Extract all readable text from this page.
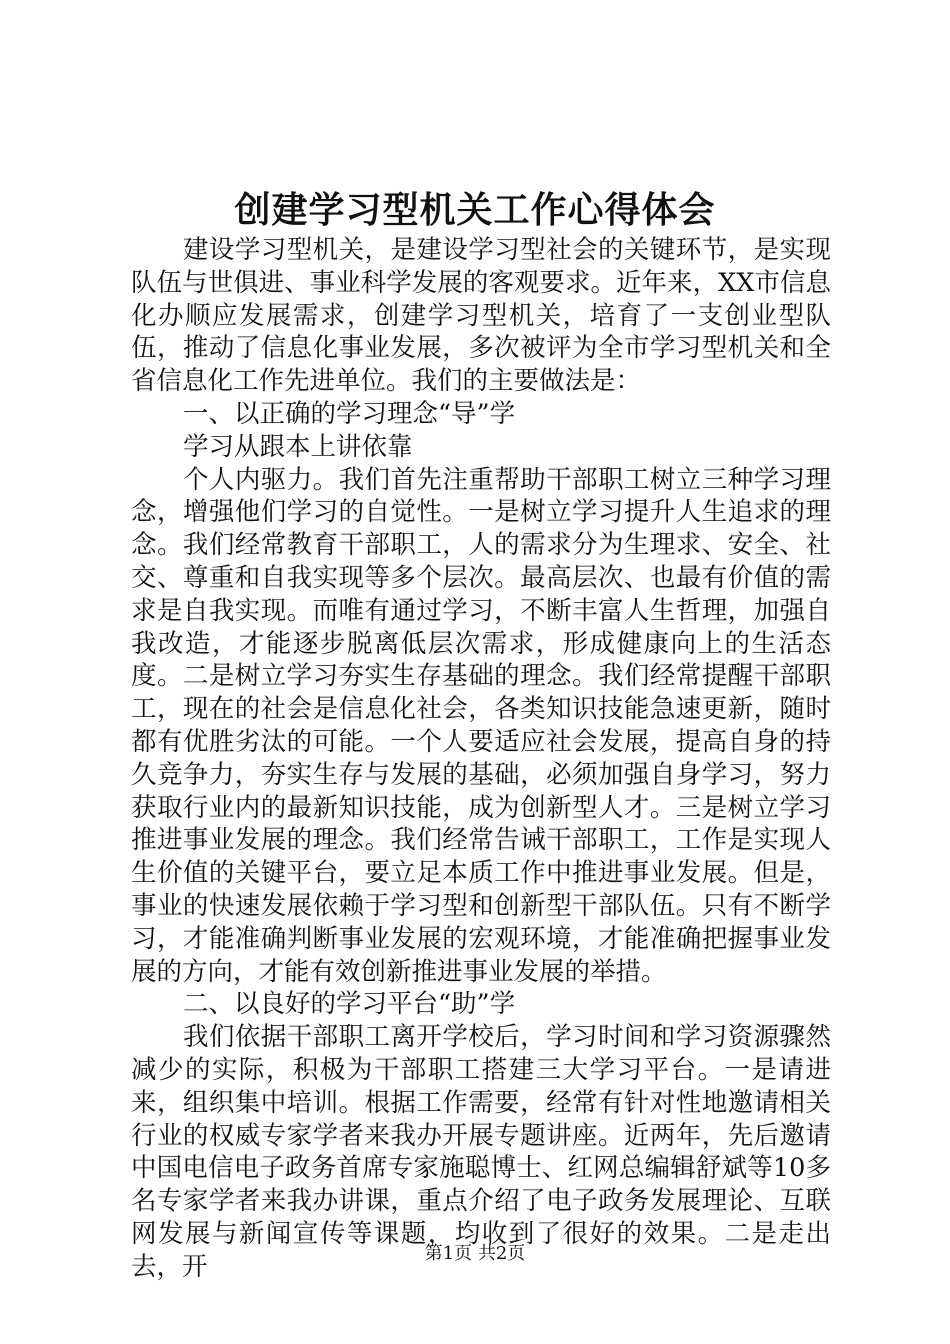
创建学习型机关工作心得体会

建设学习型机关，是建设学习型社会的关键环节，是实现队伍与世俱进、事业科学发展的客观要求。近年来，XX市信息化办顺应发展需求，创建学习型机关，培育了一支创业型队伍，推动了信息化事业发展，多次被评为全市学习型机关和全省信息化工作先进单位。我们的主要做法是：

一、以正确的学习理念“导”学

学习从跟本上讲依靠

个人内驱力。我们首先注重帮助干部职工树立三种学习理念，增强他们学习的自觉性。一是树立学习提升人生追求的理念。我们经常教育干部职工，人的需求分为生理求、安全、社交、尊重和自我实现等多个层次。最高层次、也最有价值的需求是自我实现。而唯有通过学习，不断丰富人生哲理，加强自我改造，才能逐步脱离低层次需求，形成健康向上的生活态度。二是树立学习夯实生存基础的理念。我们经常提醒干部职工，现在的社会是信息化社会，各类知识技能急速更新，随时都有优胜劣汰的可能。一个人要适应社会发展，提高自身的持久竞争力，夯实生存与发展的基础，必须加强自身学习，努力获取行业内的最新知识技能，成为创新型人才。三是树立学习推进事业发展的理念。我们经常告诫干部职工，工作是实现人生价值的关键平台，要立足本质工作中推进事业发展。但是，事业的快速发展依赖于学习型和创新型干部队伍。只有不断学习，才能准确判断事业发展的宏观环境，才能准确把握事业发展的方向，才能有效创新推进事业发展的举措。

二、以良好的学习平台“助”学

我们依据干部职工离开学校后，学习时间和学习资源骤然减少的实际，积极为干部职工搭建三大学习平台。一是请进来，组织集中培训。根据工作需要，经常有针对性地邀请相关行业的权威专家学者来我办开展专题讲座。近两年，先后邀请中国电信电子政务首席专家施聪博士、红网总编辑舒斌等10多名专家学者来我办讲课，重点介绍了电子政务发展理论、互联网发展与新闻宣传等课题，均收到了很好的效果。二是走出去，开	第1页 共2页
